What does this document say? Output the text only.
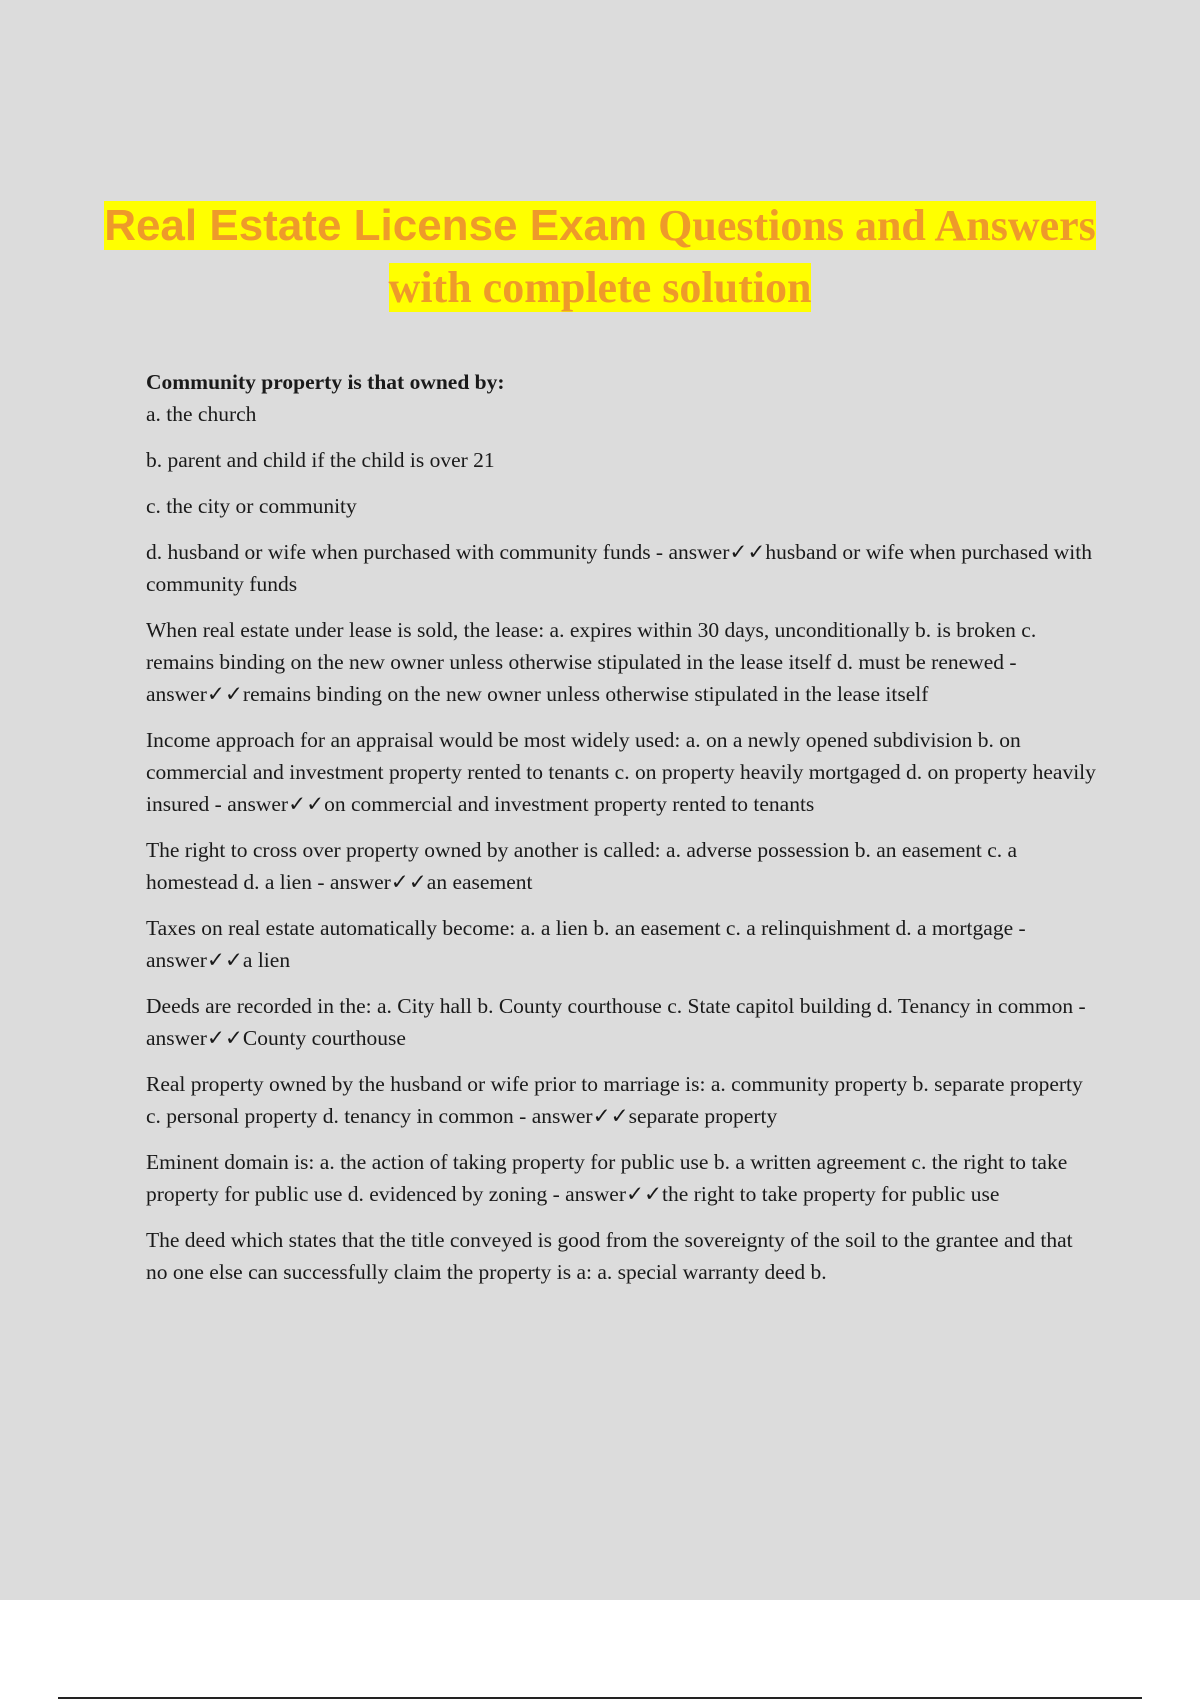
Real Estate License Exam Questions and Answers with complete solution

Community property is that owned by:

a. the church

b. parent and child if the child is over 21

c. the city or community

d. husband or wife when purchased with community funds - answer✓✓husband or wife when purchased with community funds

When real estate under lease is sold, the lease: a. expires within 30 days, unconditionally b. is broken c. remains binding on the new owner unless otherwise stipulated in the lease itself d. must be renewed - answer✓✓remains binding on the new owner unless otherwise stipulated in the lease itself

Income approach for an appraisal would be most widely used: a. on a newly opened subdivision b. on commercial and investment property rented to tenants c. on property heavily mortgaged d. on property heavily insured - answer✓✓on commercial and investment property rented to tenants

The right to cross over property owned by another is called: a. adverse possession b. an easement c. a homestead d. a lien - answer✓✓an easement

Taxes on real estate automatically become: a. a lien b. an easement c. a relinquishment d. a mortgage - answer✓✓a lien

Deeds are recorded in the: a. City hall b. County courthouse c. State capitol building d. Tenancy in common - answer✓✓County courthouse

Real property owned by the husband or wife prior to marriage is: a. community property b. separate property c. personal property d. tenancy in common - answer✓✓separate property

Eminent domain is: a. the action of taking property for public use b. a written agreement c. the right to take property for public use d. evidenced by zoning - answer✓✓the right to take property for public use

The deed which states that the title conveyed is good from the sovereignty of the soil to the grantee and that no one else can successfully claim the property is a: a. special warranty deed b.
